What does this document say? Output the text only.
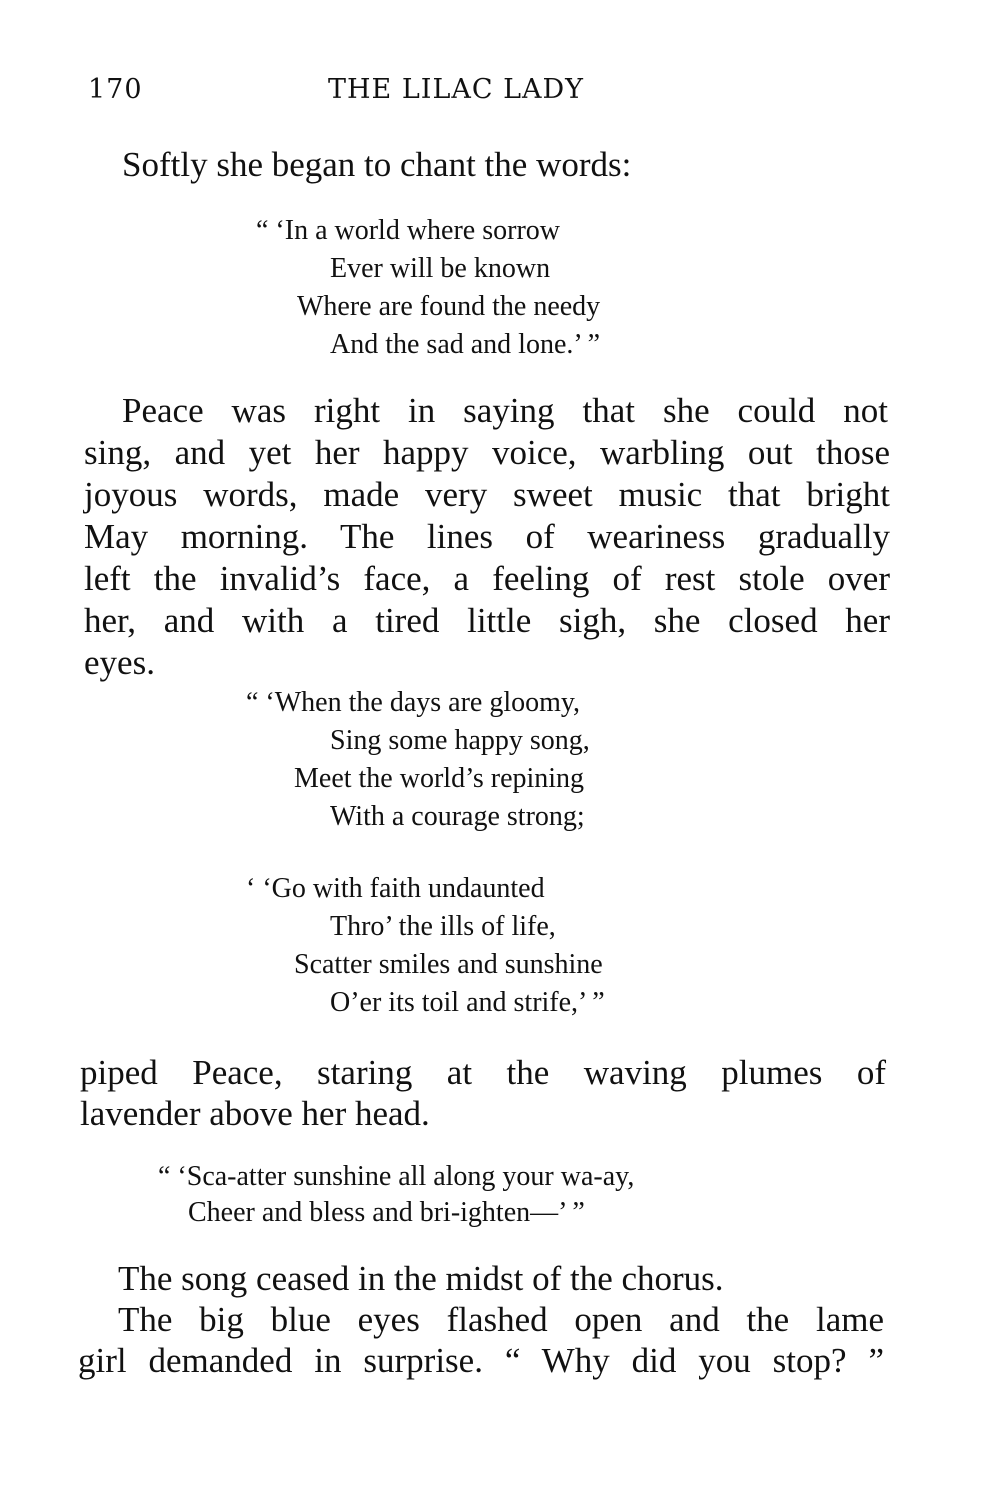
170	THE LILAC LADY
Softly she began to chant the words:
“ ‘In a world where sorrow
Ever will be known
Where are found the needy
And the sad and lone.’ ”
Peace was right in saying that she could not
sing, and yet her happy voice, warbling out those
joyous words, made very sweet music that bright
May morning. The lines of weariness gradually
left the invalid’s face, a feeling of rest stole over
her, and with a tired little sigh, she closed her
eyes.
“ ‘When the days are gloomy,
Sing some happy song,
Meet the world’s repining
With a courage strong;
‘ ‘Go with faith undaunted
Thro’ the ills of life,
Scatter smiles and sunshine
O’er its toil and strife,’ ”
piped Peace, staring at the waving plumes of
lavender above her head.
“ ‘Sca-atter sunshine all along your wa-ay,
Cheer and bless and bri-ighten—’ ”
The song ceased in the midst of the chorus.
The big blue eyes flashed open and the lame
girl demanded in surprise. “ Why did you stop? ”
